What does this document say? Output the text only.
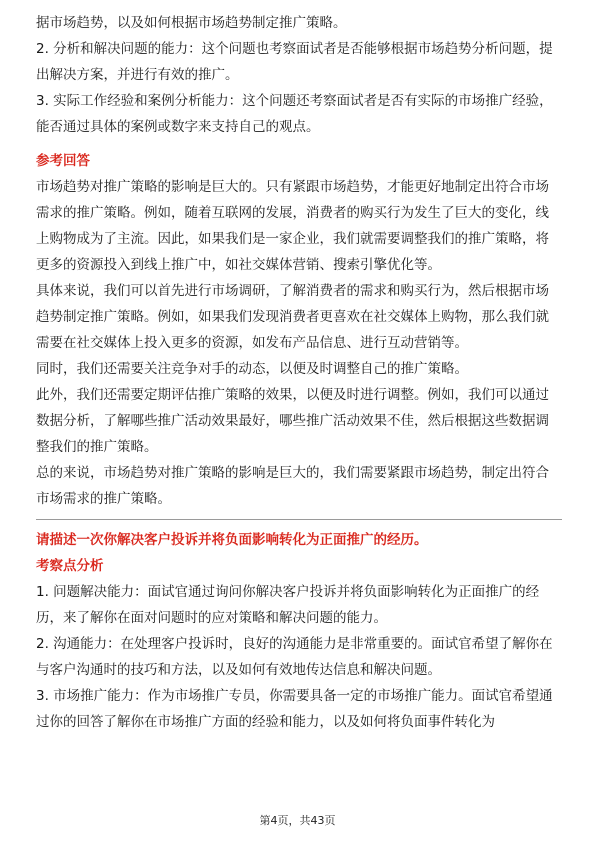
据市场趋势，以及如何根据市场趋势制定推广策略。

2. 分析和解决问题的能力：这个问题也考察面试者是否能够根据市场趋势分析问题，提出解决方案，并进行有效的推广。

3. 实际工作经验和案例分析能力：这个问题还考察面试者是否有实际的市场推广经验，能否通过具体的案例或数字来支持自己的观点。

参考回答

市场趋势对推广策略的影响是巨大的。只有紧跟市场趋势，才能更好地制定出符合市场需求的推广策略。例如，随着互联网的发展，消费者的购买行为发生了巨大的变化，线上购物成为了主流。因此，如果我们是一家企业，我们就需要调整我们的推广策略，将更多的资源投入到线上推广中，如社交媒体营销、搜索引擎优化等。

具体来说，我们可以首先进行市场调研，了解消费者的需求和购买行为，然后根据市场趋势制定推广策略。例如，如果我们发现消费者更喜欢在社交媒体上购物，那么我们就需要在社交媒体上投入更多的资源，如发布产品信息、进行互动营销等。

同时，我们还需要关注竞争对手的动态，以便及时调整自己的推广策略。

此外，我们还需要定期评估推广策略的效果，以便及时进行调整。例如，我们可以通过数据分析，了解哪些推广活动效果最好，哪些推广活动效果不佳，然后根据这些数据调整我们的推广策略。

总的来说，市场趋势对推广策略的影响是巨大的，我们需要紧跟市场趋势，制定出符合市场需求的推广策略。

请描述一次你解决客户投诉并将负面影响转化为正面推广的经历。
考察点分析

1. 问题解决能力：面试官通过询问你解决客户投诉并将负面影响转化为正面推广的经历，来了解你在面对问题时的应对策略和解决问题的能力。

2. 沟通能力：在处理客户投诉时，良好的沟通能力是非常重要的。面试官希望了解你在与客户沟通时的技巧和方法，以及如何有效地传达信息和解决问题。

3. 市场推广能力：作为市场推广专员，你需要具备一定的市场推广能力。面试官希望通过你的回答了解你在市场推广方面的经验和能力，以及如何将负面事件转化为

第4页，共43页
